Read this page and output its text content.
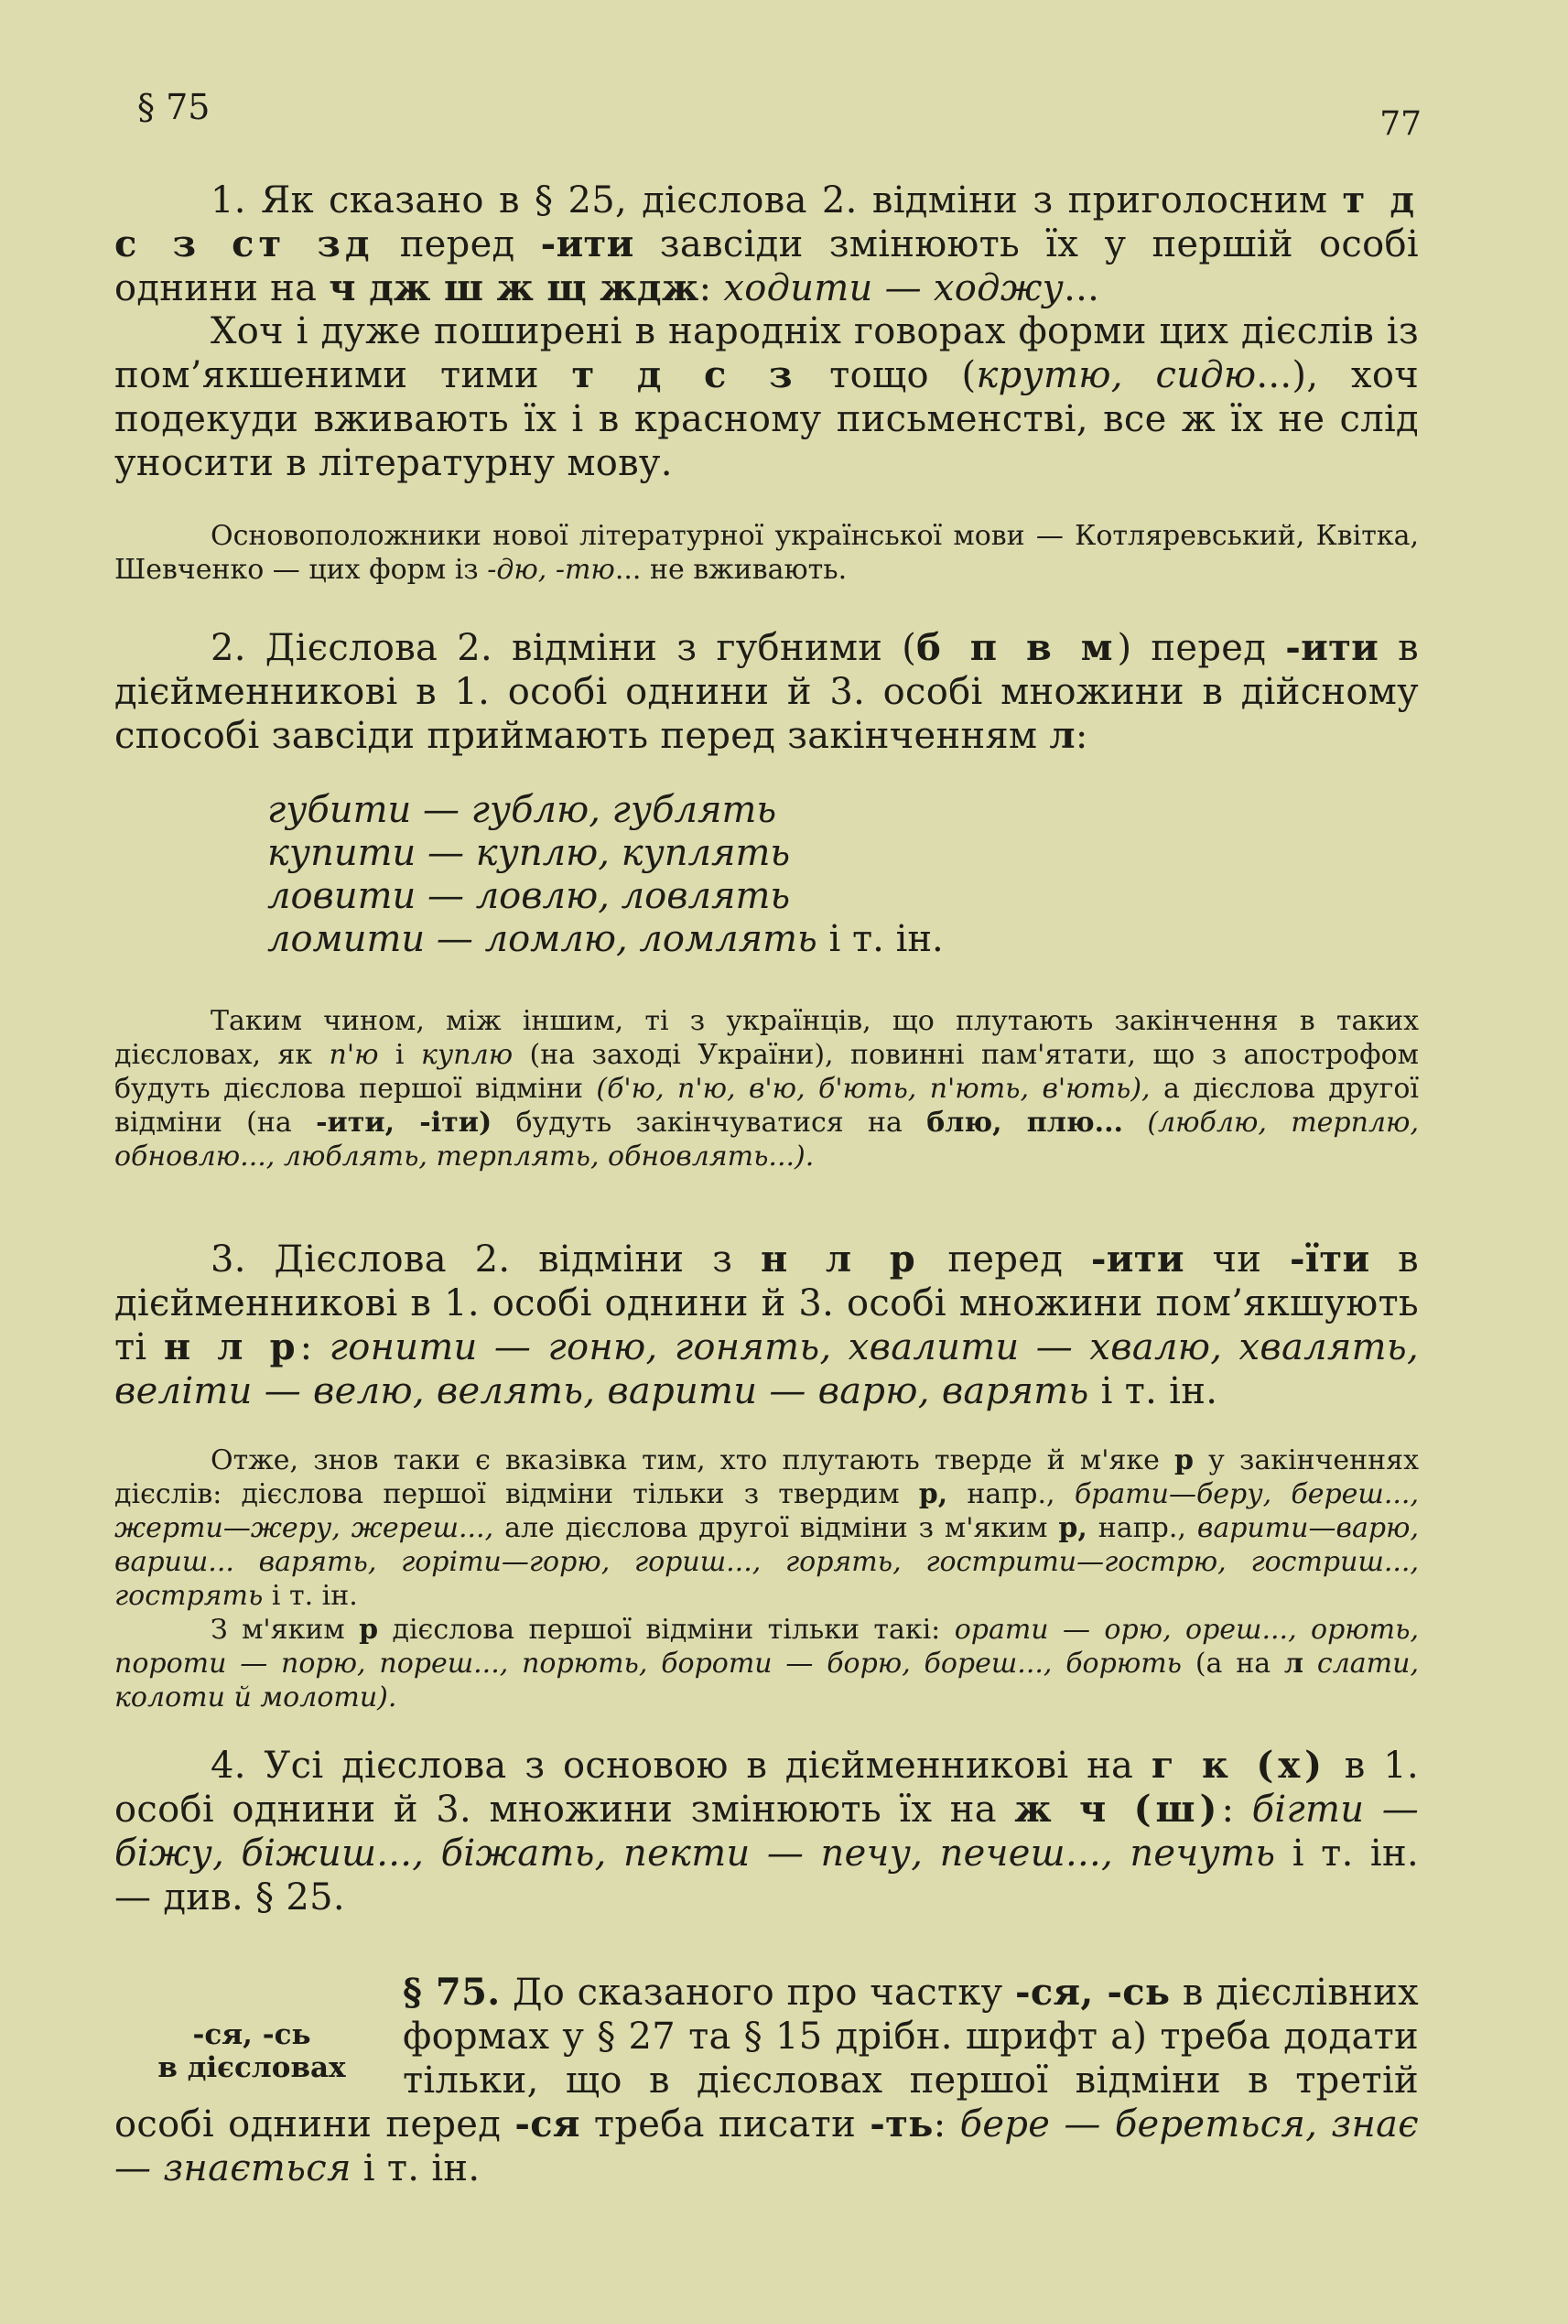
§ 75	77

1. Як сказано в § 25, дієслова 2. відміни з приголосним т д с з ст зд перед -ити завсіди змінюють їх у першій особі однини на ч дж ш ж щ ждж: ходити — ходжу...

Хоч і дуже поширені в народніх говорах форми цих дієслів із пом’якшеними тими т д с з тощо (крутю, сидю...), хоч подекуди вживають їх і в красному письменстві, все ж їх не слід уносити в літературну мову.

Основоположники нової літературної української мови — Котляревський, Квітка, Шевченко — цих форм із -дю, -тю... не вживають.

2. Дієслова 2. відміни з губними (б п в м) перед -ити в дієйменникові в 1. особі однини й 3. особі множини в дійсному способі завсіди приймають перед закінченням л:

губити — гублю, гублять
купити — куплю, куплять
ловити — ловлю, ловлять
ломити — ломлю, ломлять і т. ін.

Таким чином, між іншим, ті з українців, що плутають закінчення в таких дієсловах, як п'ю і куплю (на заході України), повинні пам'ятати, що з апострофом будуть дієслова першої відміни (б'ю, п'ю, в'ю, б'ють, п'ють, в'ють), а дієслова другої відміни (на -ити, -іти) будуть закінчуватися на блю, плю... (люблю, терплю, обновлю..., люблять, терплять, обновлять...).

3. Дієслова 2. відміни з н л р перед -ити чи -їти в дієйменникові в 1. особі однини й 3. особі множини пом’якшують ті н л р: гонити — гоню, гонять, хвалити — хвалю, хвалять, веліти — велю, велять, варити — варю, варять і т. ін.

Отже, знов таки є вказівка тим, хто плутають тверде й м'яке р у закінченнях дієслів: дієслова першої відміни тільки з твердим р, напр., брати—беру, береш..., жерти—жеру, жереш..., але дієслова другої відміни з м'яким р, напр., варити—варю, вариш... варять, горіти—горю, гориш..., горять, гострити—гострю, гостриш..., гострять і т. ін.

З м'яким р дієслова першої відміни тільки такі: орати — орю, ореш..., орють, пороти — порю, пореш..., порють, бороти — борю, бореш..., борють (а на л слати, колоти й молоти).

4. Усі дієслова з основою в дієйменникові на г к (х) в 1. особі однини й 3. множини змінюють їх на ж ч (ш): бігти — біжу, біжиш..., біжать, пекти — печу, печеш..., печуть і т. ін. — див. § 25.

-ся, -сь
в дієсловах

§ 75. До сказаного про частку -ся, -сь в дієслівних формах у § 27 та § 15 дрібн. шрифт а) треба додати тільки, що в дієсловах першої відміни в третій особі однини перед -ся треба писати -ть: бере — береться, знає — знається і т. ін.
